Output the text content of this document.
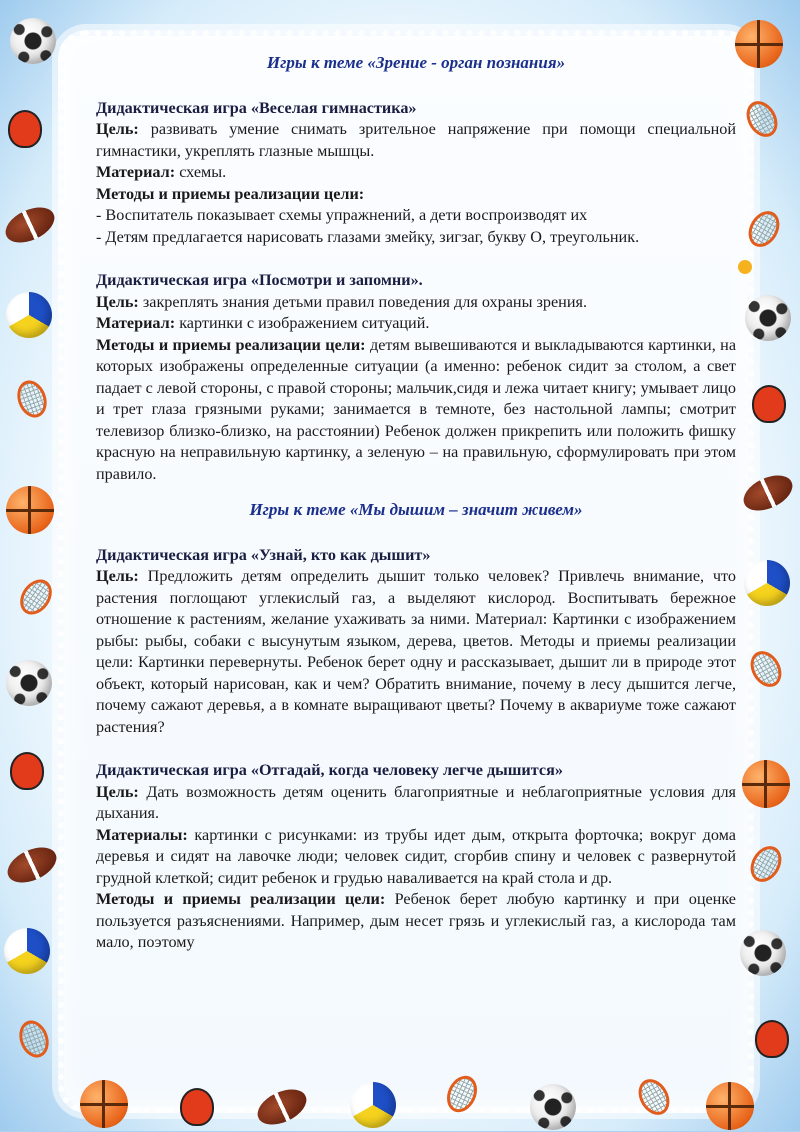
Игры к теме «Зрение - орган познания»

Дидактическая игра «Веселая гимнастика»

Цель: развивать умение снимать зрительное напряжение при помощи специальной гимнастики, укреплять глазные мышцы.

Материал: схемы.

Методы и приемы реализации цели:

- Воспитатель показывает схемы упражнений, а дети воспроизводят их

- Детям предлагается нарисовать глазами змейку, зигзаг, букву О, треугольник.

Дидактическая игра «Посмотри и запомни».

Цель: закреплять знания детьми правил поведения для охраны зрения.

Материал: картинки с изображением ситуаций.

Методы и приемы реализации цели: детям вывешиваются и выкладываются картинки, на которых изображены определенные ситуации (а именно: ребенок сидит за столом, а свет падает с левой стороны, с правой стороны; мальчик,сидя и лежа читает книгу; умывает лицо и трет глаза грязными руками; занимается в темноте, без настольной лампы; смотрит телевизор близко-близко, на расстоянии) Ребенок должен прикрепить или положить фишку красную на неправильную картинку, а зеленую – на правильную, сформулировать при этом правило.

Игры к теме «Мы дышим – значит живем»

Дидактическая игра «Узнай, кто как дышит»

Цель: Предложить детям определить дышит только человек? Привлечь внимание, что растения поглощают углекислый газ, а выделяют кислород. Воспитывать бережное отношение к растениям, желание ухаживать за ними. Материал: Картинки с изображением рыбы: рыбы, собаки с высунутым языком, дерева, цветов. Методы и приемы реализации цели: Картинки перевернуты. Ребенок берет одну и рассказывает, дышит ли в природе этот объект, который нарисован, как и чем? Обратить внимание, почему в лесу дышится легче, почему сажают деревья, а в комнате выращивают цветы? Почему в аквариуме тоже сажают растения?

Дидактическая игра «Отгадай, когда человеку легче дышится»

Цель: Дать возможность детям оценить благоприятные и неблагоприятные условия для дыхания.

Материалы: картинки с рисунками: из трубы идет дым, открыта форточка; вокруг дома деревья и сидят на лавочке люди; человек сидит, сгорбив спину и человек с развернутой грудной клеткой; сидит ребенок и грудью наваливается на край стола и др.

Методы и приемы реализации цели: Ребенок берет любую картинку и при оценке пользуется разъяснениями. Например, дым несет грязь и углекислый газ, а кислорода там мало, поэтому
